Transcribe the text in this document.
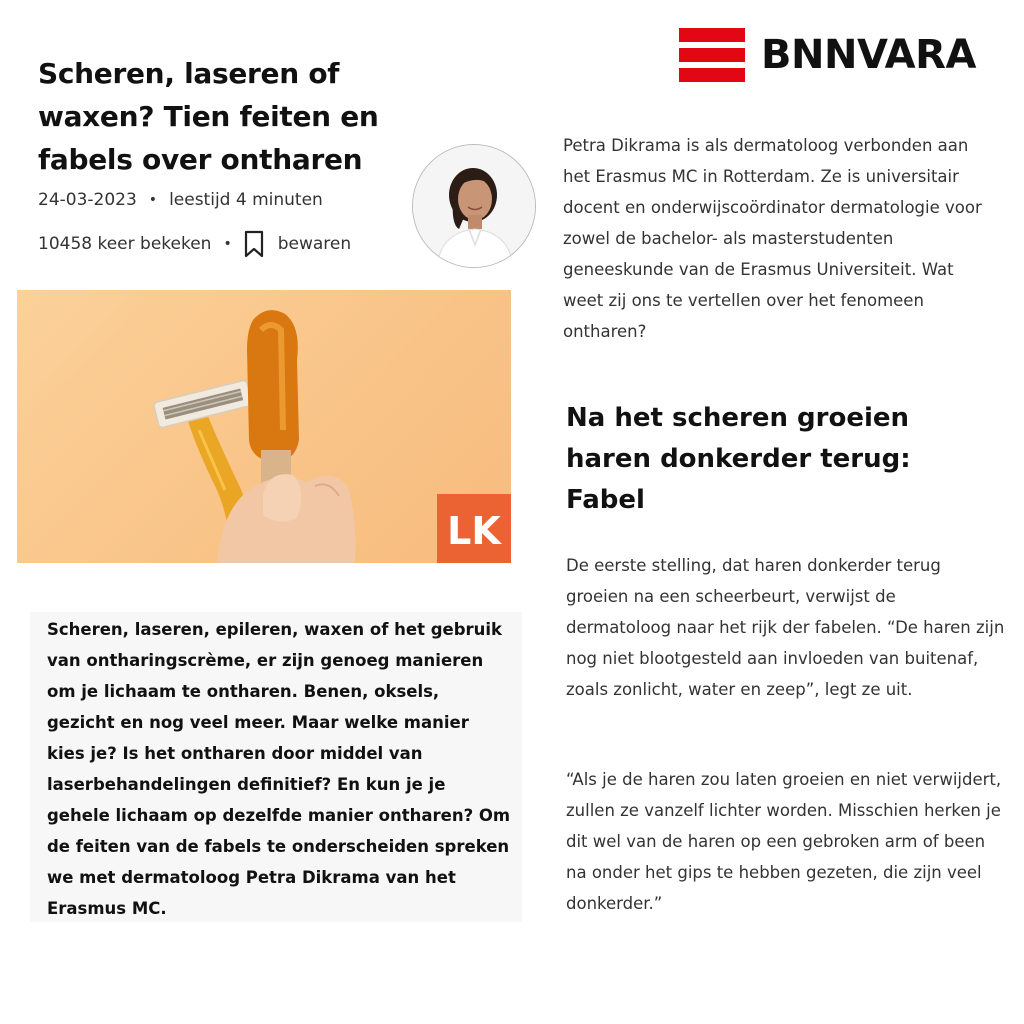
Scheren, laseren of waxen? Tien feiten en fabels over ontharen
24-03-2023 • leestijd 4 minuten
10458 keer bekeken •	bewaren
LK

Scheren, laseren, epileren, waxen of het gebruik van ontharingscrème, er zijn genoeg manieren om je lichaam te ontharen. Benen, oksels, gezicht en nog veel meer. Maar welke manier kies je? Is het ontharen door middel van laserbehandelingen definitief? En kun je je gehele lichaam op dezelfde manier ontharen? Om de feiten van de fabels te onderscheiden spreken we met dermatoloog Petra Dikrama van het Erasmus MC.

BNNVARA

Petra Dikrama is als dermatoloog verbonden aan het Erasmus MC in Rotterdam. Ze is universitair docent en onderwijscoördinator dermatologie voor zowel de bachelor- als masterstudenten geneeskunde van de Erasmus Universiteit. Wat weet zij ons te vertellen over het fenomeen ontharen?

Na het scheren groeien haren donkerder terug: Fabel

De eerste stelling, dat haren donkerder terug groeien na een scheerbeurt, verwijst de dermatoloog naar het rijk der fabelen. “De haren zijn nog niet blootgesteld aan invloeden van buitenaf, zoals zonlicht, water en zeep”, legt ze uit.

“Als je de haren zou laten groeien en niet verwijdert, zullen ze vanzelf lichter worden. Misschien herken je dit wel van de haren op een gebroken arm of been na onder het gips te hebben gezeten, die zijn veel donkerder.”
